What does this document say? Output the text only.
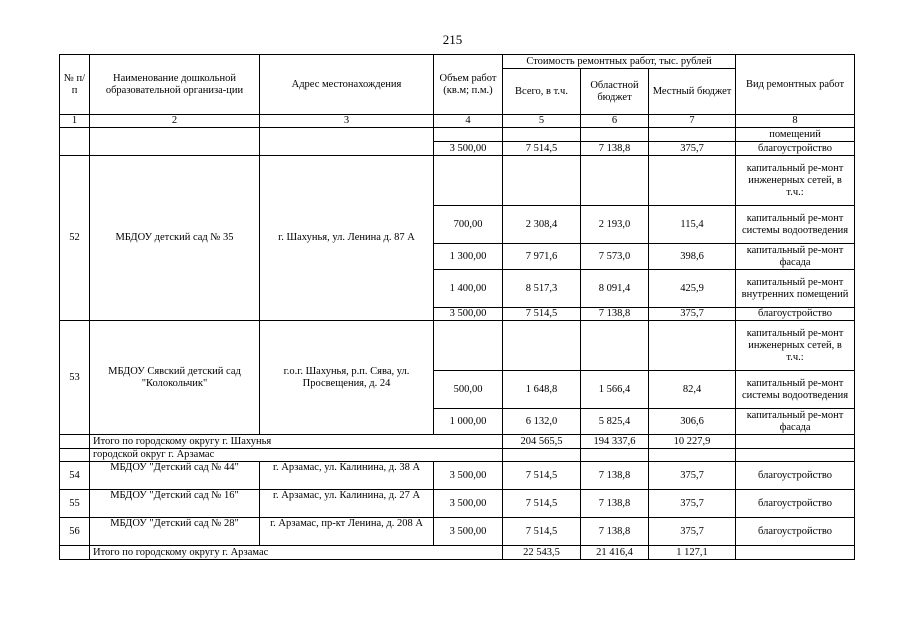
215
№ п/п	Наименование дошкольной образовательной организа-ции	Адрес местонахождения	Объем работ (кв.м; п.м.)	Стоимость ремонтных работ, тыс. рублей			Вид ремонтных работ
				Всего, в т.ч.	Областной бюджет	Местный бюджет	
1	2	3	4	5	6	7	8
							помещений
			3 500,00	7 514,5	7 138,8	375,7	благоустройство
52	МБДОУ детский сад № 35	г. Шахунья, ул. Ленина д. 87 А					капитальный ре-монт инженерных сетей, в т.ч.:
			700,00	2 308,4	2 193,0	115,4	капитальный ре-монт системы водоотведения
			1 300,00	7 971,6	7 573,0	398,6	капитальный ре-монт фасада
			1 400,00	8 517,3	8 091,4	425,9	капитальный ре-монт внутренних помещений
			3 500,00	7 514,5	7 138,8	375,7	благоустройство
53	МБДОУ Сявский детский сад "Колокольчик"	г.о.г. Шахунья, р.п. Сява, ул. Просвещения, д. 24					капитальный ре-монт инженерных сетей, в т.ч.:
			500,00	1 648,8	1 566,4	82,4	капитальный ре-монт системы водоотведения
			1 000,00	6 132,0	5 825,4	306,6	капитальный ре-монт фасада
	Итого по городскому округу г. Шахунья			204 565,5	194 337,6	10 227,9	
	городской округ г. Арзамас						
54	МБДОУ "Детский сад № 44"	г. Арзамас, ул. Калинина, д. 38 А	3 500,00	7 514,5	7 138,8	375,7	благоустройство
55	МБДОУ "Детский сад № 16"	г. Арзамас, ул. Калинина, д. 27 А	3 500,00	7 514,5	7 138,8	375,7	благоустройство
56	МБДОУ "Детский сад № 28"	г. Арзамас, пр-кт Ленина, д. 208 А	3 500,00	7 514,5	7 138,8	375,7	благоустройство
	Итого по городскому округу г. Арзамас			22 543,5	21 416,4	1 127,1	
